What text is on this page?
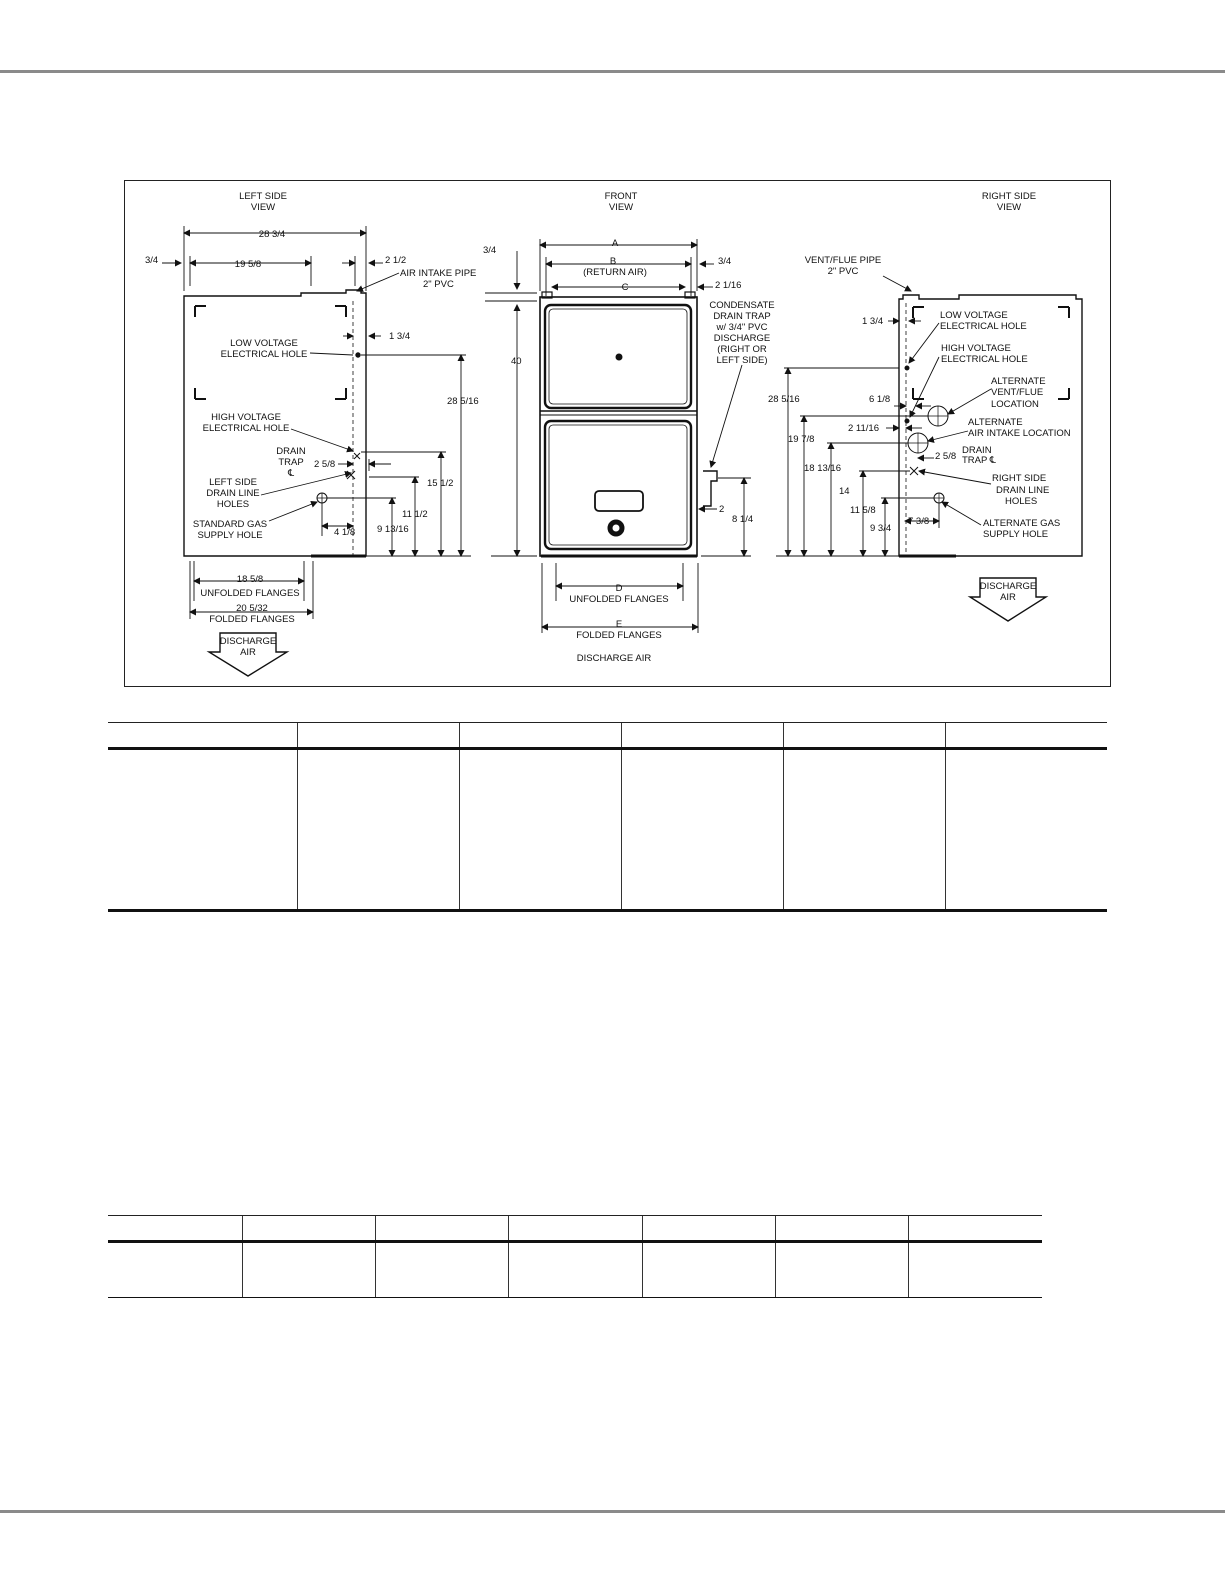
LEFT SIDE VIEW
FRONT VIEW
RIGHT SIDE VIEW
28 3/4
3/4	19 5/8	2 1/2
AIR INTAKE PIPE 2" PVC
1 3/4
LOW VOLTAGE ELECTRICAL HOLE
28 5/16
HIGH VOLTAGE ELECTRICAL HOLE
DRAIN TRAP ℄
2 5/8
15 1/2
LEFT SIDE DRAIN LINE HOLES
11 1/2
9 13/16
4 1/8
STANDARD GAS SUPPLY HOLE
18 5/8
UNFOLDED FLANGES
20 5/32
FOLDED FLANGES
DISCHARGE AIR
3/4
A
3/4
B
(RETURN AIR)
C	2 1/16
40
CONDENSATE DRAIN TRAP w/ 3/4" PVC DISCHARGE (RIGHT OR LEFT SIDE)
2
8 1/4
D
UNFOLDED FLANGES
E
FOLDED FLANGES
DISCHARGE AIR
VENT/FLUE PIPE 2" PVC
1 3/4
LOW VOLTAGE ELECTRICAL HOLE
HIGH VOLTAGE ELECTRICAL HOLE
ALTERNATE VENT/FLUE LOCATION
6 1/8
28 5/16
ALTERNATE AIR INTAKE LOCATION
2 11/16
19 7/8
DRAIN TRAP ℄
2 5/8
18 13/16
RIGHT SIDE DRAIN LINE HOLES
14
11 5/8
9 3/4
7 3/8	ALTERNATE GAS SUPPLY HOLE
DISCHARGE AIR
